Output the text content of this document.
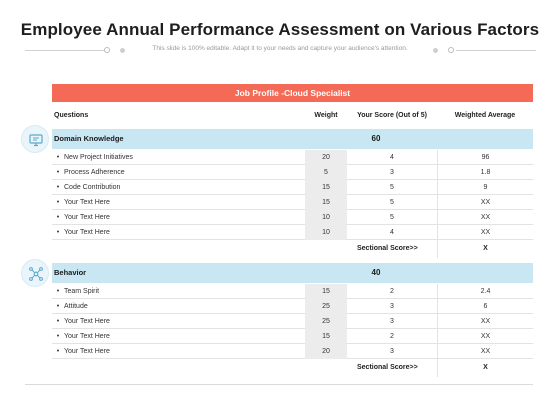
Employee Annual Performance Assessment on Various Factors
This slide is 100% editable. Adapt it to your needs and capture your audience's attention.
Job Profile -Cloud Specialist
Questions	Weight	Your Score (Out of 5)	Weighted Average
Domain Knowledge	60
• New Project Initiatives	20	4	96
• Process Adherence	5	3	1.8
• Code Contribution	15	5	9
• Your Text Here	15	5	XX
• Your Text Here	10	5	XX
• Your Text Here	10	4	XX
Sectional Score>>	X
Behavior	40
• Team Spirit	15	2	2.4
• Attitude	25	3	6
• Your Text Here	25	3	XX
• Your Text Here	15	2	XX
• Your Text Here	20	3	XX
Sectional Score>>	X
